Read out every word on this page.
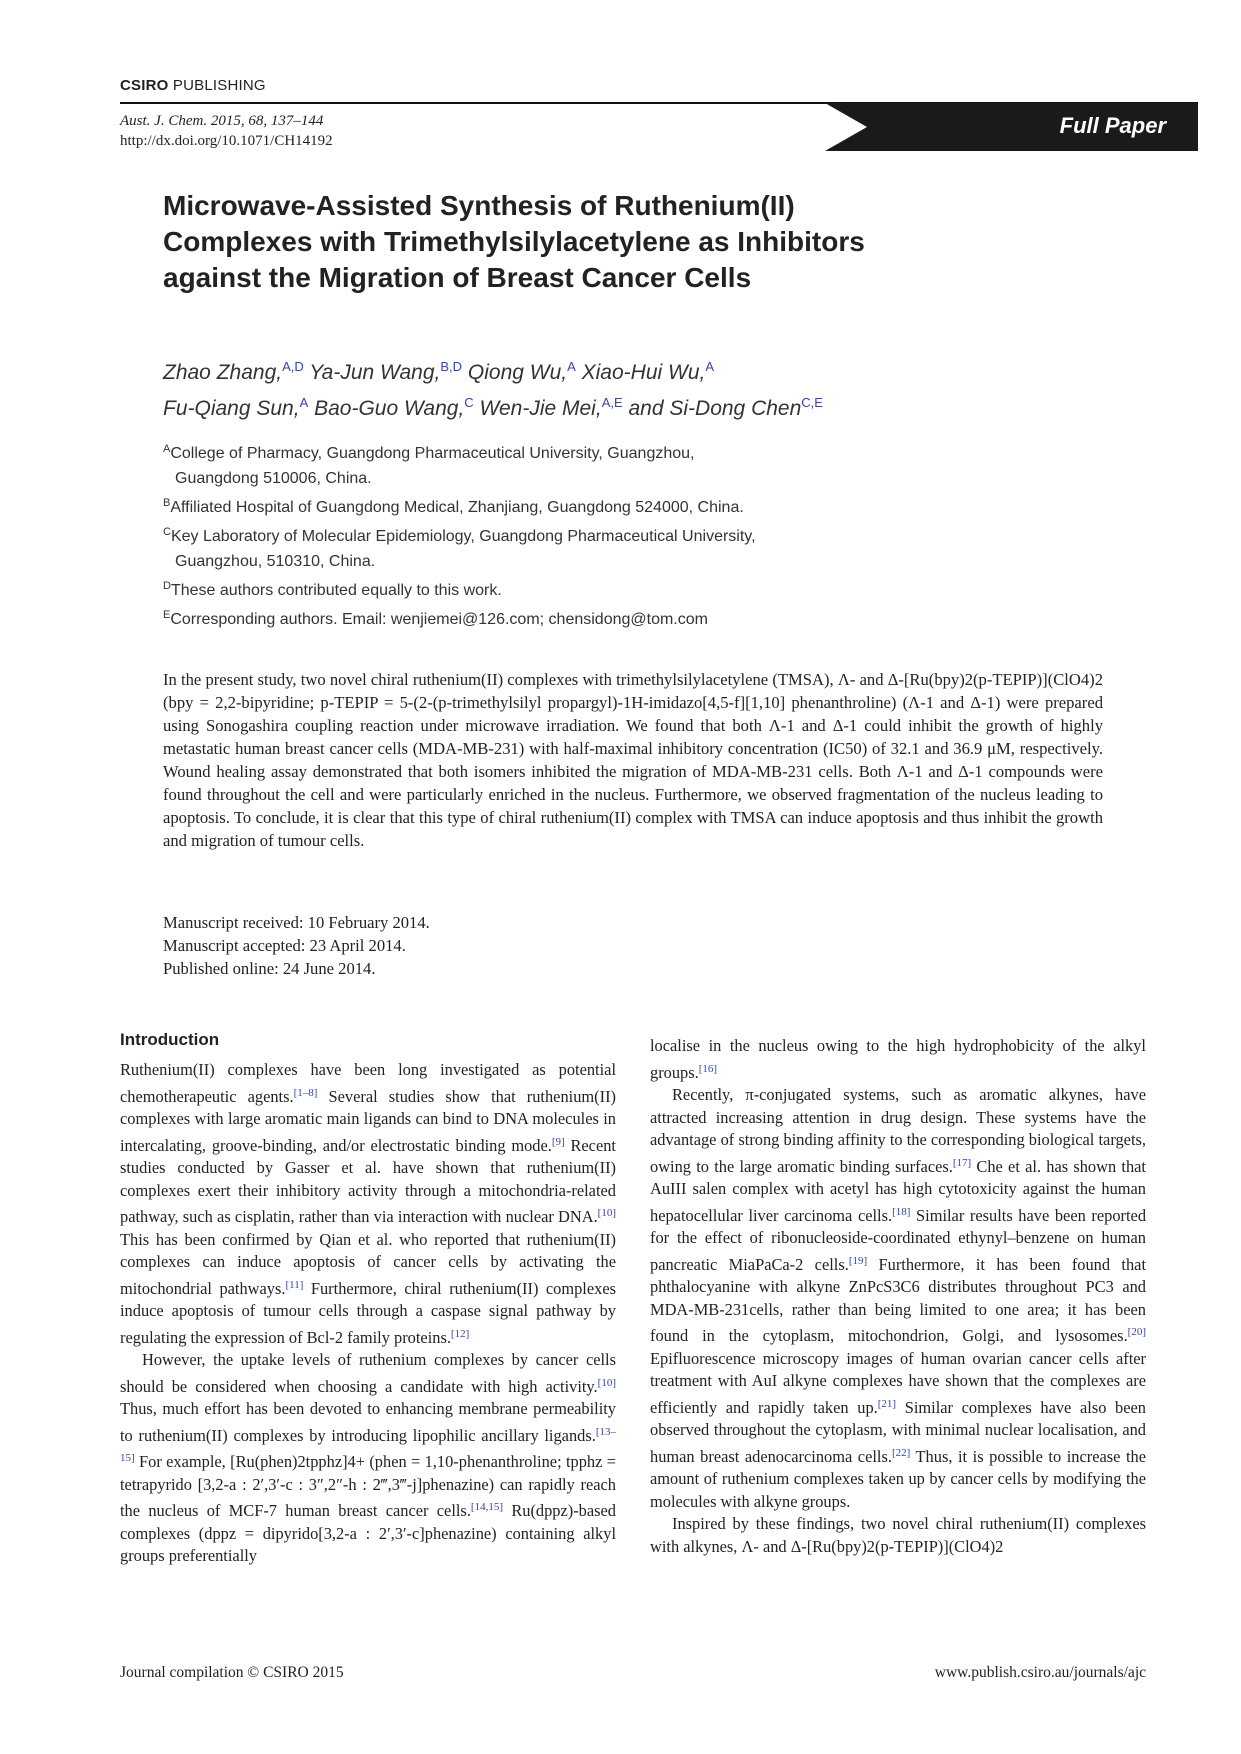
CSIRO PUBLISHING
Aust. J. Chem. 2015, 68, 137–144
http://dx.doi.org/10.1071/CH14192
Full Paper
Microwave-Assisted Synthesis of Ruthenium(II)
Complexes with Trimethylsilylacetylene as Inhibitors
against the Migration of Breast Cancer Cells
Zhao Zhang,$^{A,D}$ Ya-Jun Wang,$^{B,D}$ Qiong Wu,$^A$ Xiao-Hui Wu,$^A$
Fu-Qiang Sun,$^A$ Bao-Guo Wang,$^C$ Wen-Jie Mei,$^{A,E}$ and Si-Dong Chen$^{C,E}$
$^A$College of Pharmacy, Guangdong Pharmaceutical University, Guangzhou,
Guangdong 510006, China.
$^B$Affiliated Hospital of Guangdong Medical, Zhanjiang, Guangdong 524000, China.
$^C$Key Laboratory of Molecular Epidemiology, Guangdong Pharmaceutical University,
Guangzhou, 510310, China.
$^D$These authors contributed equally to this work.
$^E$Corresponding authors. Email: wenjiemei@126.com; chensidong@tom.com
In the present study, two novel chiral ruthenium(II) complexes with trimethylsilylacetylene (TMSA), Λ- and Δ-[Ru(bpy)2(p-TEPIP)](ClO4)2 (bpy = 2,2-bipyridine; p-TEPIP = 5-(2-(p-trimethylsilyl propargyl)-1H-imidazo[4,5-f][1,10] phenanthroline) (Λ-1 and Δ-1) were prepared using Sonogashira coupling reaction under microwave irradiation. We found that both Λ-1 and Δ-1 could inhibit the growth of highly metastatic human breast cancer cells (MDA-MB-231) with half-maximal inhibitory concentration (IC50) of 32.1 and 36.9 μM, respectively. Wound healing assay demonstrated that both isomers inhibited the migration of MDA-MB-231 cells. Both Λ-1 and Δ-1 compounds were found throughout the cell and were particularly enriched in the nucleus. Furthermore, we observed fragmentation of the nucleus leading to apoptosis. To conclude, it is clear that this type of chiral ruthenium(II) complex with TMSA can induce apoptosis and thus inhibit the growth and migration of tumour cells.
Manuscript received: 10 February 2014.
Manuscript accepted: 23 April 2014.
Published online: 24 June 2014.
Introduction

Ruthenium(II) complexes have been long investigated as potential chemotherapeutic agents.[1–8] Several studies show that ruthenium(II) complexes with large aromatic main ligands can bind to DNA molecules in intercalating, groove-binding, and/or electrostatic binding mode.[9] Recent studies conducted by Gasser et al. have shown that ruthenium(II) complexes exert their inhibitory activity through a mitochondria-related pathway, such as cisplatin, rather than via interaction with nuclear DNA.[10] This has been confirmed by Qian et al. who reported that ruthenium(II) complexes can induce apoptosis of cancer cells by activating the mitochondrial pathways.[11] Furthermore, chiral ruthenium(II) complexes induce apoptosis of tumour cells through a caspase signal pathway by regulating the expression of Bcl-2 family proteins.[12]

However, the uptake levels of ruthenium complexes by cancer cells should be considered when choosing a candidate with high activity.[10] Thus, much effort has been devoted to enhancing membrane permeability to ruthenium(II) complexes by introducing lipophilic ancillary ligands.[13–15] For example, [Ru(phen)2tpphz]4+ (phen = 1,10-phenanthroline; tpphz = tetrapyrido [3,2-a : 2′,3′-c : 3″,2″-h : 2‴,3‴-j]phenazine) can rapidly reach the nucleus of MCF-7 human breast cancer cells.[14,15] Ru(dppz)-based complexes (dppz = dipyrido[3,2-a : 2′,3′-c]phenazine) containing alkyl groups preferentially

localise in the nucleus owing to the high hydrophobicity of the alkyl groups.[16]

Recently, π-conjugated systems, such as aromatic alkynes, have attracted increasing attention in drug design. These systems have the advantage of strong binding affinity to the corresponding biological targets, owing to the large aromatic binding surfaces.[17] Che et al. has shown that AuIII salen complex with acetyl has high cytotoxicity against the human hepatocellular liver carcinoma cells.[18] Similar results have been reported for the effect of ribonucleoside-coordinated ethynyl–benzene on human pancreatic MiaPaCa-2 cells.[19] Furthermore, it has been found that phthalocyanine with alkyne ZnPcS3C6 distributes throughout PC3 and MDA-MB-231cells, rather than being limited to one area; it has been found in the cytoplasm, mitochondrion, Golgi, and lysosomes.[20] Epifluorescence microscopy images of human ovarian cancer cells after treatment with AuI alkyne complexes have shown that the complexes are efficiently and rapidly taken up.[21] Similar complexes have also been observed throughout the cytoplasm, with minimal nuclear localisation, and human breast adenocarcinoma cells.[22] Thus, it is possible to increase the amount of ruthenium complexes taken up by cancer cells by modifying the molecules with alkyne groups.

Inspired by these findings, two novel chiral ruthenium(II) complexes with alkynes, Λ- and Δ-[Ru(bpy)2(p-TEPIP)](ClO4)2

Journal compilation © CSIRO 2015	www.publish.csiro.au/journals/ajc
